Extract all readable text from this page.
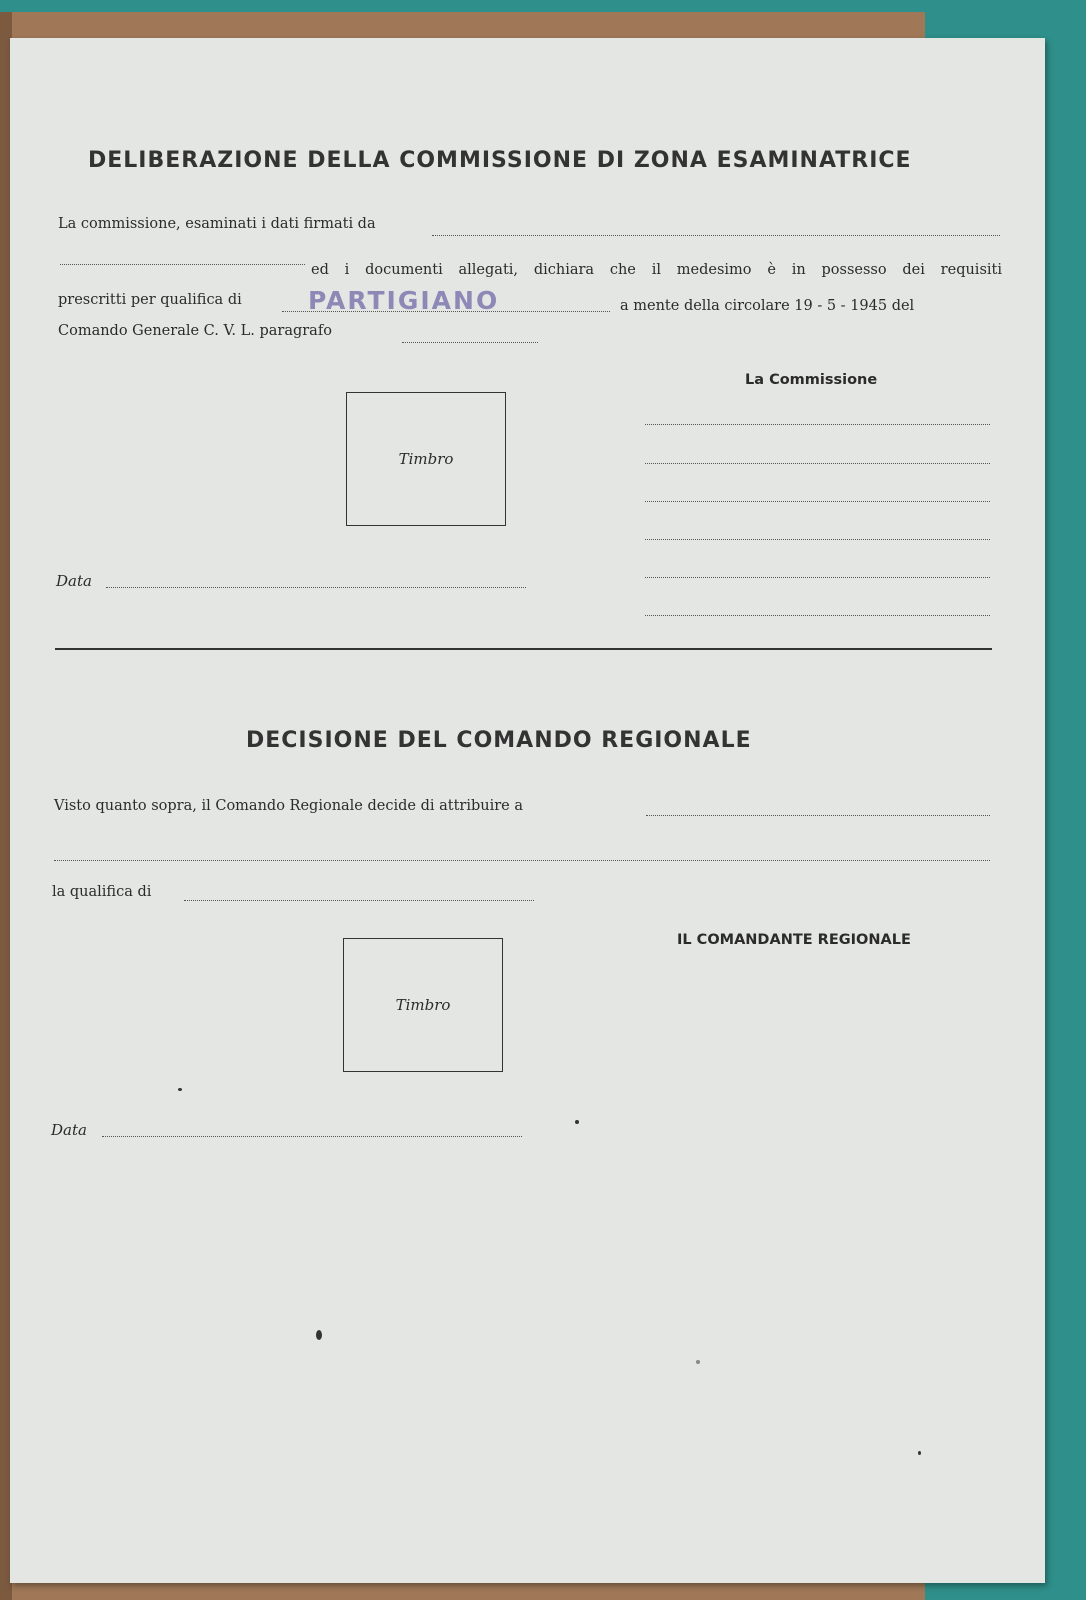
DELIBERAZIONE DELLA COMMISSIONE DI ZONA ESAMINATRICE
La commissione, esaminati i dati firmati da
ed i documenti allegati, dichiara che il medesimo è in possesso dei requisiti
prescritti per qualifica di	PARTIGIANO	a mente della circolare 19 - 5 - 1945 del
Comando Generale C. V. L. paragrafo
Timbro
La Commissione
Data
DECISIONE DEL COMANDO REGIONALE
Visto quanto sopra, il Comando Regionale decide di attribuire a
la qualifica di
IL COMANDANTE REGIONALE
Timbro
Data
